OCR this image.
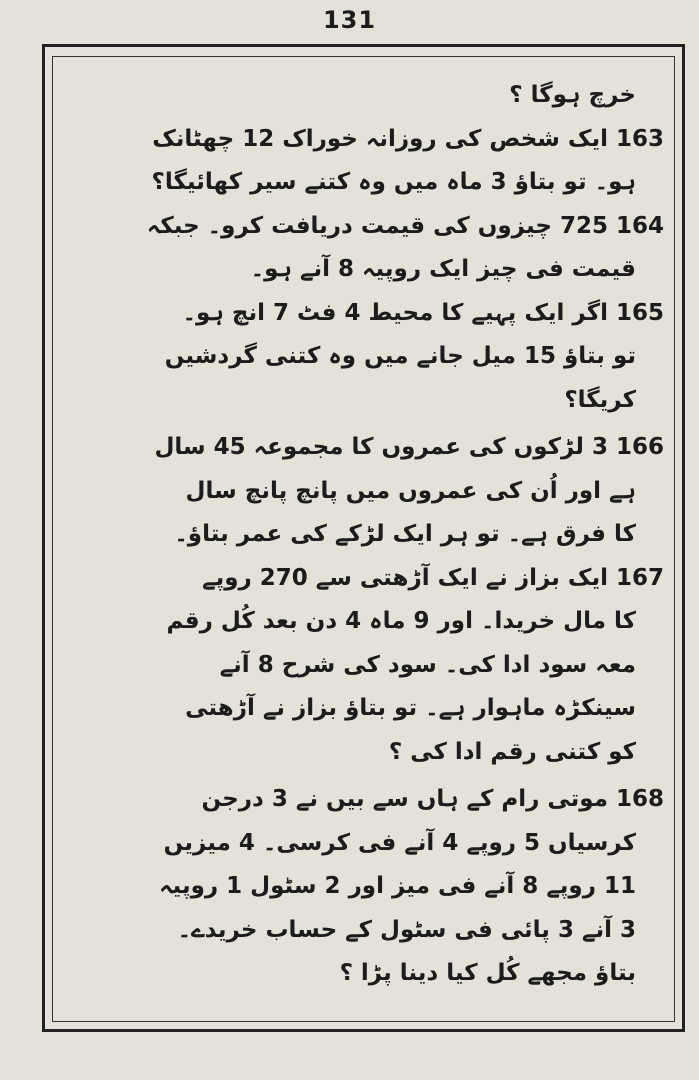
131
خرچ ہوگا ؟
163 ایک شخص کی روزانہ خوراک 12 چھٹانک
ہو۔ تو بتاؤ 3 ماہ میں وہ کتنے سیر کھائیگا؟
164 725 چیزوں کی قیمت دریافت کرو۔ جبکہ
قیمت فی چیز ایک روپیہ 8 آنے ہو۔
165 اگر ایک پہیے کا محیط 4 فٹ 7 انچ ہو۔
تو بتاؤ 15 میل جانے میں وہ کتنی گردشیں
کریگا؟
166 3 لڑکوں کی عمروں کا مجموعہ 45 سال
ہے اور اُن کی عمروں میں پانچ پانچ سال
کا فرق ہے۔ تو ہر ایک لڑکے کی عمر بتاؤ۔
167 ایک بزاز نے ایک آڑھتی سے 270 روپے
کا مال خریدا۔ اور 9 ماہ 4 دن بعد کُل رقم
معہ سود ادا کی۔ سود کی شرح 8 آنے
سینکڑہ ماہوار ہے۔ تو بتاؤ بزاز نے آڑھتی
کو کتنی رقم ادا کی ؟
168 موتی رام کے ہاں سے بیں نے 3 درجن
کرسیاں 5 روپے 4 آنے فی کرسی۔ 4 میزیں
11 روپے 8 آنے فی میز اور 2 سٹول 1 روپیہ
3 آنے 3 پائی فی سٹول کے حساب خریدے۔
بتاؤ مجھے کُل کیا دینا پڑا ؟
